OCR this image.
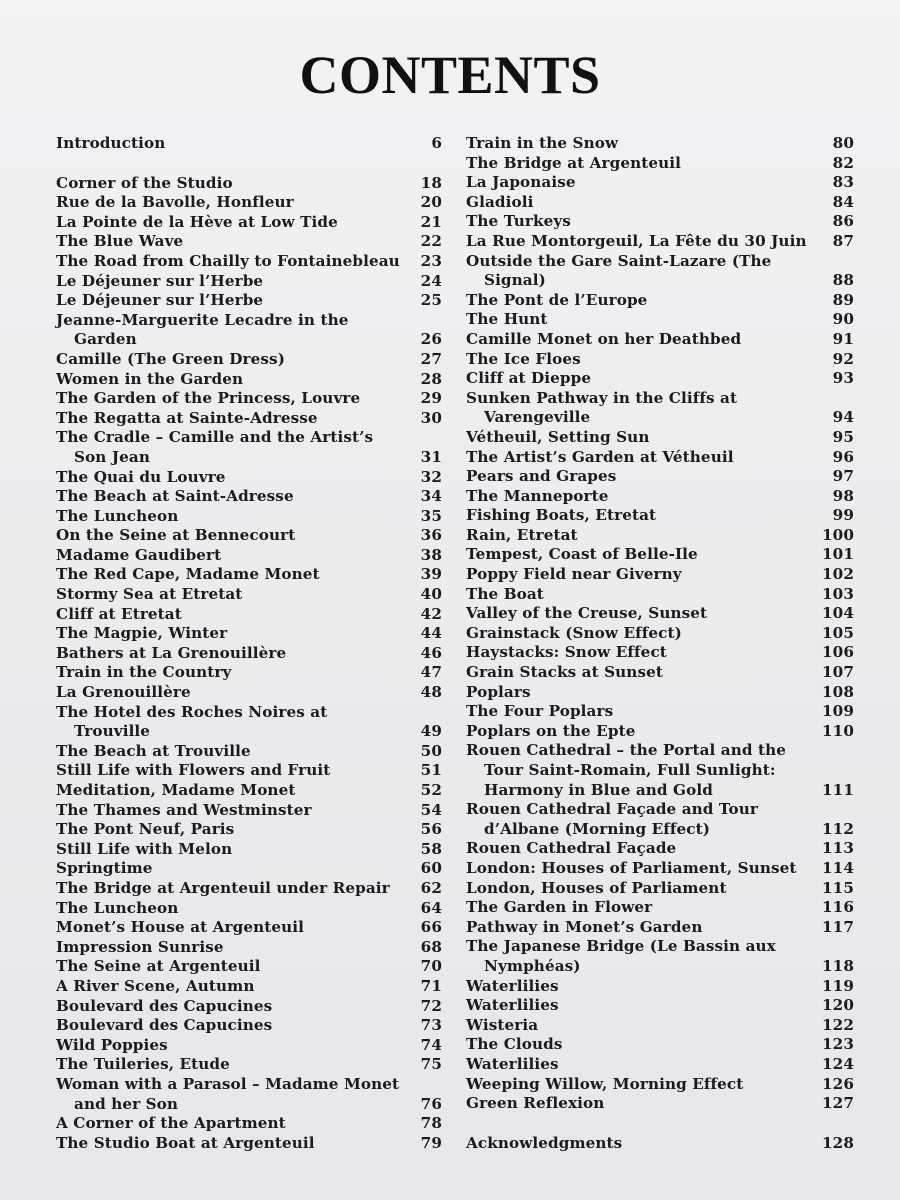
CONTENTS
Introduction	6
Corner of the Studio	18
Rue de la Bavolle, Honfleur	20
La Pointe de la Hève at Low Tide	21
The Blue Wave	22
The Road from Chailly to Fontainebleau	23
Le Déjeuner sur l’Herbe	24
Le Déjeuner sur l’Herbe	25
Jeanne-Marguerite Lecadre in the Garden	26
Camille (The Green Dress)	27
Women in the Garden	28
The Garden of the Princess, Louvre	29
The Regatta at Sainte-Adresse	30
The Cradle – Camille and the Artist’s Son Jean	31
The Quai du Louvre	32
The Beach at Saint-Adresse	34
The Luncheon	35
On the Seine at Bennecourt	36
Madame Gaudibert	38
The Red Cape, Madame Monet	39
Stormy Sea at Etretat	40
Cliff at Etretat	42
The Magpie, Winter	44
Bathers at La Grenouillère	46
Train in the Country	47
La Grenouillère	48
The Hotel des Roches Noires at Trouville	49
The Beach at Trouville	50
Still Life with Flowers and Fruit	51
Meditation, Madame Monet	52
The Thames and Westminster	54
The Pont Neuf, Paris	56
Still Life with Melon	58
Springtime	60
The Bridge at Argenteuil under Repair	62
The Luncheon	64
Monet’s House at Argenteuil	66
Impression Sunrise	68
The Seine at Argenteuil	70
A River Scene, Autumn	71
Boulevard des Capucines	72
Boulevard des Capucines	73
Wild Poppies	74
The Tuileries, Etude	75
Woman with a Parasol – Madame Monet and her Son	76
A Corner of the Apartment	78
The Studio Boat at Argenteuil	79
Train in the Snow	80
The Bridge at Argenteuil	82
La Japonaise	83
Gladioli	84
The Turkeys	86
La Rue Montorgeuil, La Fête du 30 Juin	87
Outside the Gare Saint-Lazare (The Signal)	88
The Pont de l’Europe	89
The Hunt	90
Camille Monet on her Deathbed	91
The Ice Floes	92
Cliff at Dieppe	93
Sunken Pathway in the Cliffs at Varengeville	94
Vétheuil, Setting Sun	95
The Artist’s Garden at Vétheuil	96
Pears and Grapes	97
The Manneporte	98
Fishing Boats, Etretat	99
Rain, Etretat	100
Tempest, Coast of Belle-Ile	101
Poppy Field near Giverny	102
The Boat	103
Valley of the Creuse, Sunset	104
Grainstack (Snow Effect)	105
Haystacks: Snow Effect	106
Grain Stacks at Sunset	107
Poplars	108
The Four Poplars	109
Poplars on the Epte	110
Rouen Cathedral – the Portal and the Tour Saint-Romain, Full Sunlight: Harmony in Blue and Gold	111
Rouen Cathedral Façade and Tour d’Albane (Morning Effect)	112
Rouen Cathedral Façade	113
London: Houses of Parliament, Sunset	114
London, Houses of Parliament	115
The Garden in Flower	116
Pathway in Monet’s Garden	117
The Japanese Bridge (Le Bassin aux Nymphéas)	118
Waterlilies	119
Waterlilies	120
Wisteria	122
The Clouds	123
Waterlilies	124
Weeping Willow, Morning Effect	126
Green Reflexion	127
Acknowledgments	128
